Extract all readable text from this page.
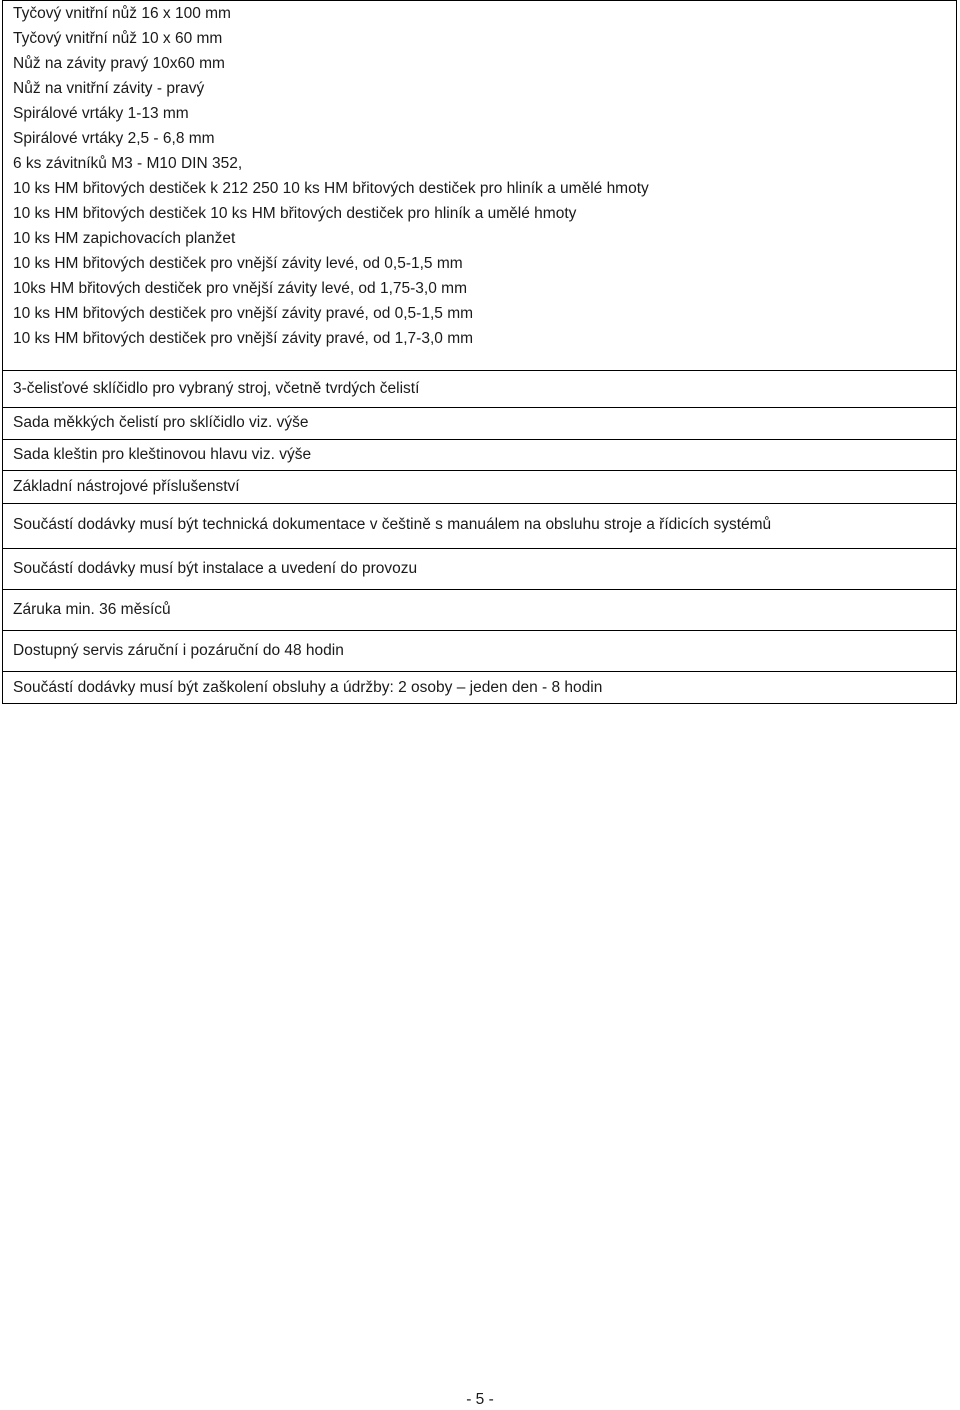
Tyčový vnitřní nůž 16 x 100 mm
Tyčový vnitřní nůž 10 x 60 mm
Nůž na závity pravý 10x60 mm
Nůž na vnitřní závity - pravý
Spirálové vrtáky 1-13 mm
Spirálové vrtáky 2,5 - 6,8 mm
6 ks závitníků M3 - M10 DIN 352,
10 ks HM břitových destiček k 212 250 10 ks HM břitových destiček pro hliník a umělé hmoty
10 ks HM břitových destiček 10 ks HM břitových destiček pro hliník a umělé hmoty
10 ks HM zapichovacích planžet
10 ks HM břitových destiček pro vnější závity levé, od 0,5-1,5 mm
10ks HM břitových destiček pro vnější závity levé, od 1,75-3,0 mm
10 ks HM břitových destiček pro vnější závity pravé, od 0,5-1,5 mm
10 ks HM břitových destiček pro vnější závity pravé, od 1,7-3,0 mm

3-čelisťové sklíčidlo pro vybraný stroj, včetně tvrdých čelistí

Sada měkkých čelistí pro sklíčidlo viz. výše

Sada kleštin pro kleštinovou hlavu viz. výše

Základní nástrojové příslušenství

Součástí dodávky musí být technická dokumentace v češtině s manuálem na obsluhu stroje a řídicích systémů

Součástí dodávky musí být instalace a uvedení do provozu

Záruka min. 36 měsíců

Dostupný servis záruční i pozáruční do 48 hodin

Součástí dodávky musí být zaškolení obsluhy a údržby: 2 osoby – jeden den - 8 hodin
- 5 -
